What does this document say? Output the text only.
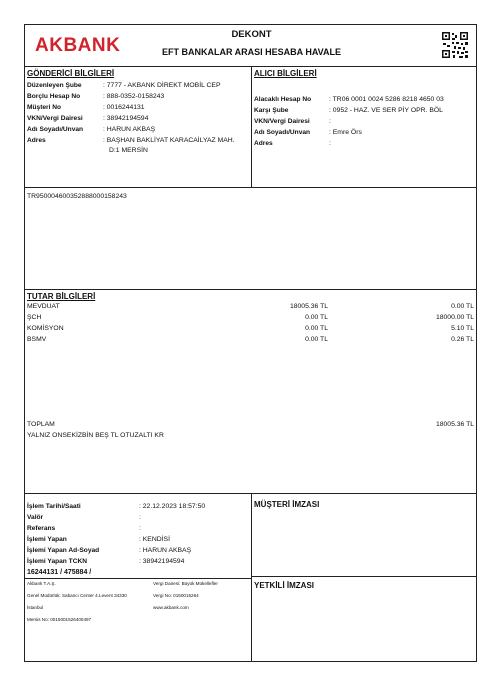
AKBANK
DEKONT
EFT BANKALAR ARASI HESABA HAVALE
GÖNDERİCİ BİLGİLERİ
Düzenleyen Şube	: 7777 - AKBANK DİREKT MOBİL CEP
Borçlu Hesap No	: 888-0352-0158243
Müşteri No	: 0016244131
VKN/Vergi Dairesi	: 38942194594
Adı Soyadı/Unvan	: HARUN AKBAŞ
Adres	: BAŞHAN BAKLİYAT KARACAİLYAZ MAH.
D:1 MERSİN
ALICI BİLGİLERİ
Alacaklı Hesap No	: TR06 0001 0024 5286 8218 4650 03
Karşı Şube	: 0952 - HAZ. VE SER PİY OPR. BÖL
VKN/Vergi Dairesi	:
Adı Soyadı/Unvan	: Emre Örs
Adres	:
TR950004600352888000158243
TUTAR BİLGİLERİ
MEVDUAT	18005.36 TL	0.00 TL
ŞCH	0.00 TL	18000.00 TL
KOMİSYON	0.00 TL	5.10 TL
BSMV	0.00 TL	0.26 TL
TOPLAM	18005.36 TL
YALNIZ ONSEKİZBİN BEŞ TL OTUZALTI KR
İşlem Tarihi/Saati	: 22.12.2023 18:57:50
Valör	:
Referans	:
İşlemi Yapan	: KENDİSİ
İşlemi Yapan Ad-Soyad	: HARUN AKBAŞ
İşlemi Yapan TCKN	: 38942194594
16244131 / 475884 /
MÜŞTERİ İMZASI
YETKİLİ İMZASI
Akbank T.A.Ş.
Genel Müdürlük: Sabancı Center 4.Levent 34330
İstanbul
Mersis No: 0015001526400497
Vergi Dairesi: Büyük Mükellefler
Vergi No: 0150015264
www.akbank.com
